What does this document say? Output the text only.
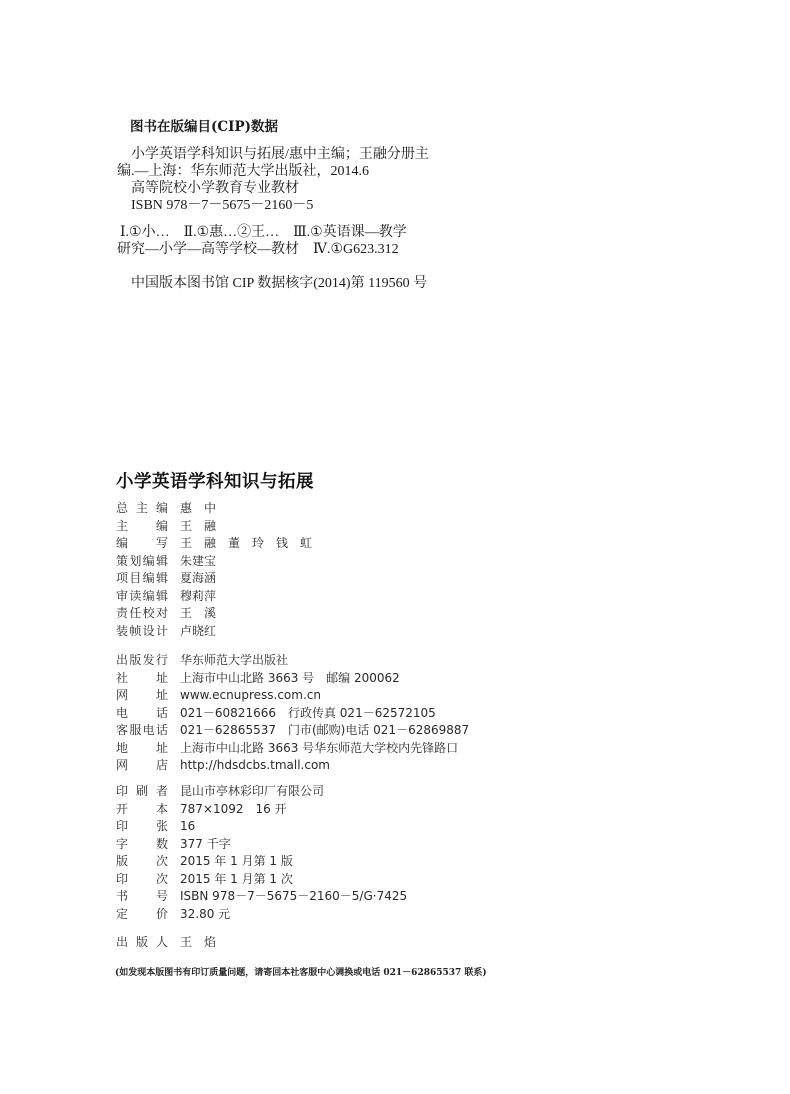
图书在版编目(CIP)数据
小学英语学科知识与拓展/惠中主编；王融分册主
编.—上海：华东师范大学出版社，2014.6
高等院校小学教育专业教材
ISBN 978－7－5675－2160－5
Ⅰ.①小…　Ⅱ.①惠…②王…　Ⅲ.①英语课—教学
研究—小学—高等学校—教材　Ⅳ.①G623.312
中国版本图书馆 CIP 数据核字(2014)第 119560 号
小学英语学科知识与拓展
总主编 惠　中
主编 王　融
编写 王　融　董　玲　钱　虹
策划编辑 朱建宝
项目编辑 夏海涵
审读编辑 穆莉萍
责任校对 王　溪
装帧设计 卢晓红
出版发行 华东师范大学出版社
社址 上海市中山北路 3663 号　邮编 200062
网址 www.ecnupress.com.cn
电话 021－60821666　行政传真 021－62572105
客服电话 021－62865537　门市(邮购)电话 021－62869887
地址 上海市中山北路 3663 号华东师范大学校内先锋路口
网店 http://hdsdcbs.tmall.com
印刷者 昆山市亭林彩印厂有限公司
开本 787×1092　16 开
印张 16
字数 377 千字
版次 2015 年 1 月第 1 版
印次 2015 年 1 月第 1 次
书号 ISBN 978－7－5675－2160－5/G·7425
定价 32.80 元
出版人 王　焰
(如发现本版图书有印订质量问题，请寄回本社客服中心调换或电话 021－62865537 联系)
